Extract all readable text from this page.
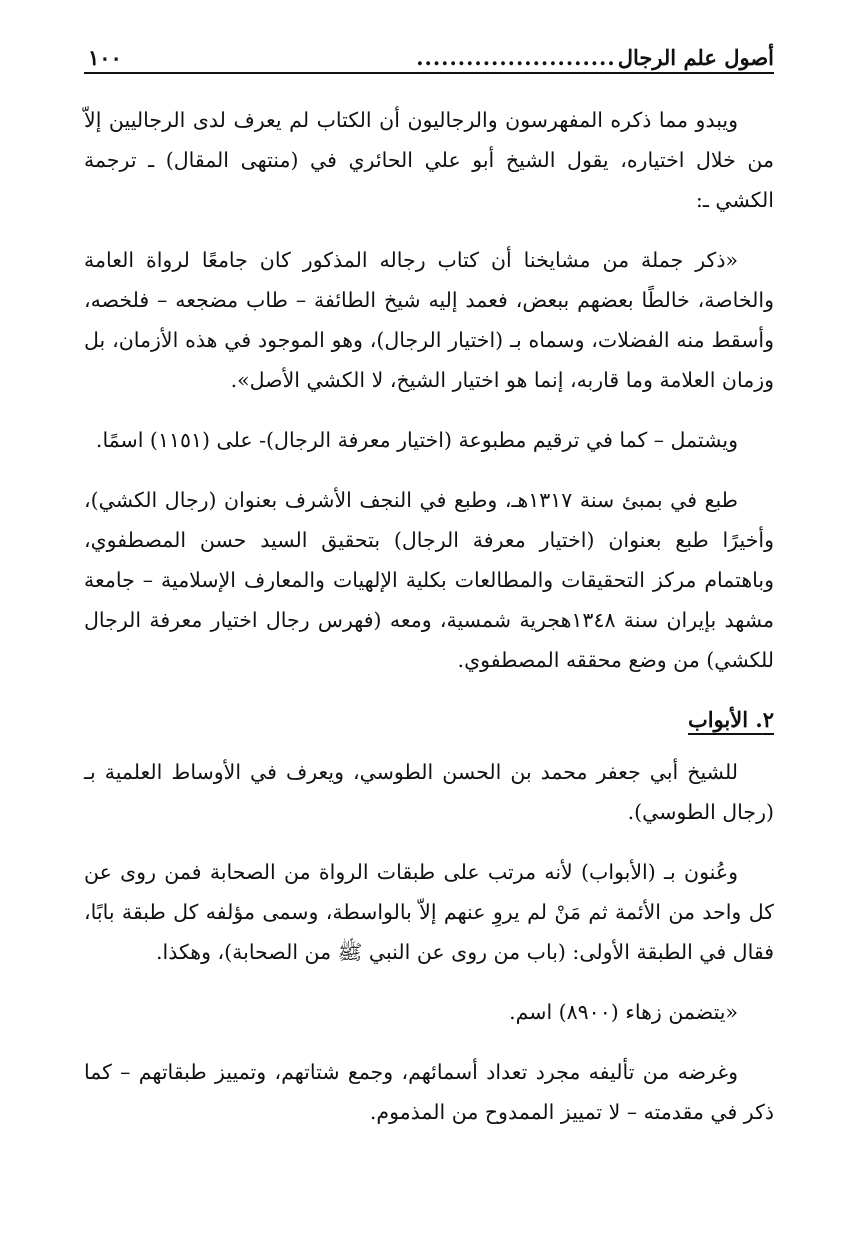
أصول علم الرجال
........................
١٠٠

ويبدو مما ذكره المفهرسون والرجاليون أن الكتاب لم يعرف لدى الرجاليين إلاّ من خلال اختياره، يقول الشيخ أبو علي الحائري في (منتهى المقال) ـ ترجمة الكشي ـ:

«ذكر جملة من مشايخنا أن كتاب رجاله المذكور كان جامعًا لرواة العامة والخاصة، خالطًا بعضهم ببعض، فعمد إليه شيخ الطائفة – طاب مضجعه – فلخصه، وأسقط منه الفضلات، وسماه بـ (اختيار الرجال)، وهو الموجود في هذه الأزمان، بل وزمان العلامة وما قاربه، إنما هو اختيار الشيخ، لا الكشي الأصل».

ويشتمل – كما في ترقيم مطبوعة (اختيار معرفة الرجال)- على (١١٥١) اسمًا.

طبع في بمبئ سنة ١٣١٧هـ، وطبع في النجف الأشرف بعنوان (رجال الكشي)، وأخيرًا طبع بعنوان (اختيار معرفة الرجال) بتحقيق السيد حسن المصطفوي، وباهتمام مركز التحقيقات والمطالعات بكلية الإلهيات والمعارف الإسلامية – جامعة مشهد بإيران سنة ١٣٤٨هجرية شمسية، ومعه (فهرس رجال اختيار معرفة الرجال للكشي) من وضع محققه المصطفوي.

٢. الأبواب

للشيخ أبي جعفر محمد بن الحسن الطوسي، ويعرف في الأوساط العلمية بـ (رجال الطوسي).

وعُنون بـ (الأبواب) لأنه مرتب على طبقات الرواة من الصحابة فمن روى عن كل واحد من الأئمة ثم مَنْ لم يروِ عنهم إلاّ بالواسطة، وسمى مؤلفه كل طبقة بابًا، فقال في الطبقة الأولى: (باب من روى عن النبي ﷺ من الصحابة)، وهكذا.

«يتضمن زهاء (٨٩٠٠) اسم.

وغرضه من تأليفه مجرد تعداد أسمائهم، وجمع شتاتهم، وتمييز طبقاتهم – كما ذكر في مقدمته – لا تمييز الممدوح من المذموم.
